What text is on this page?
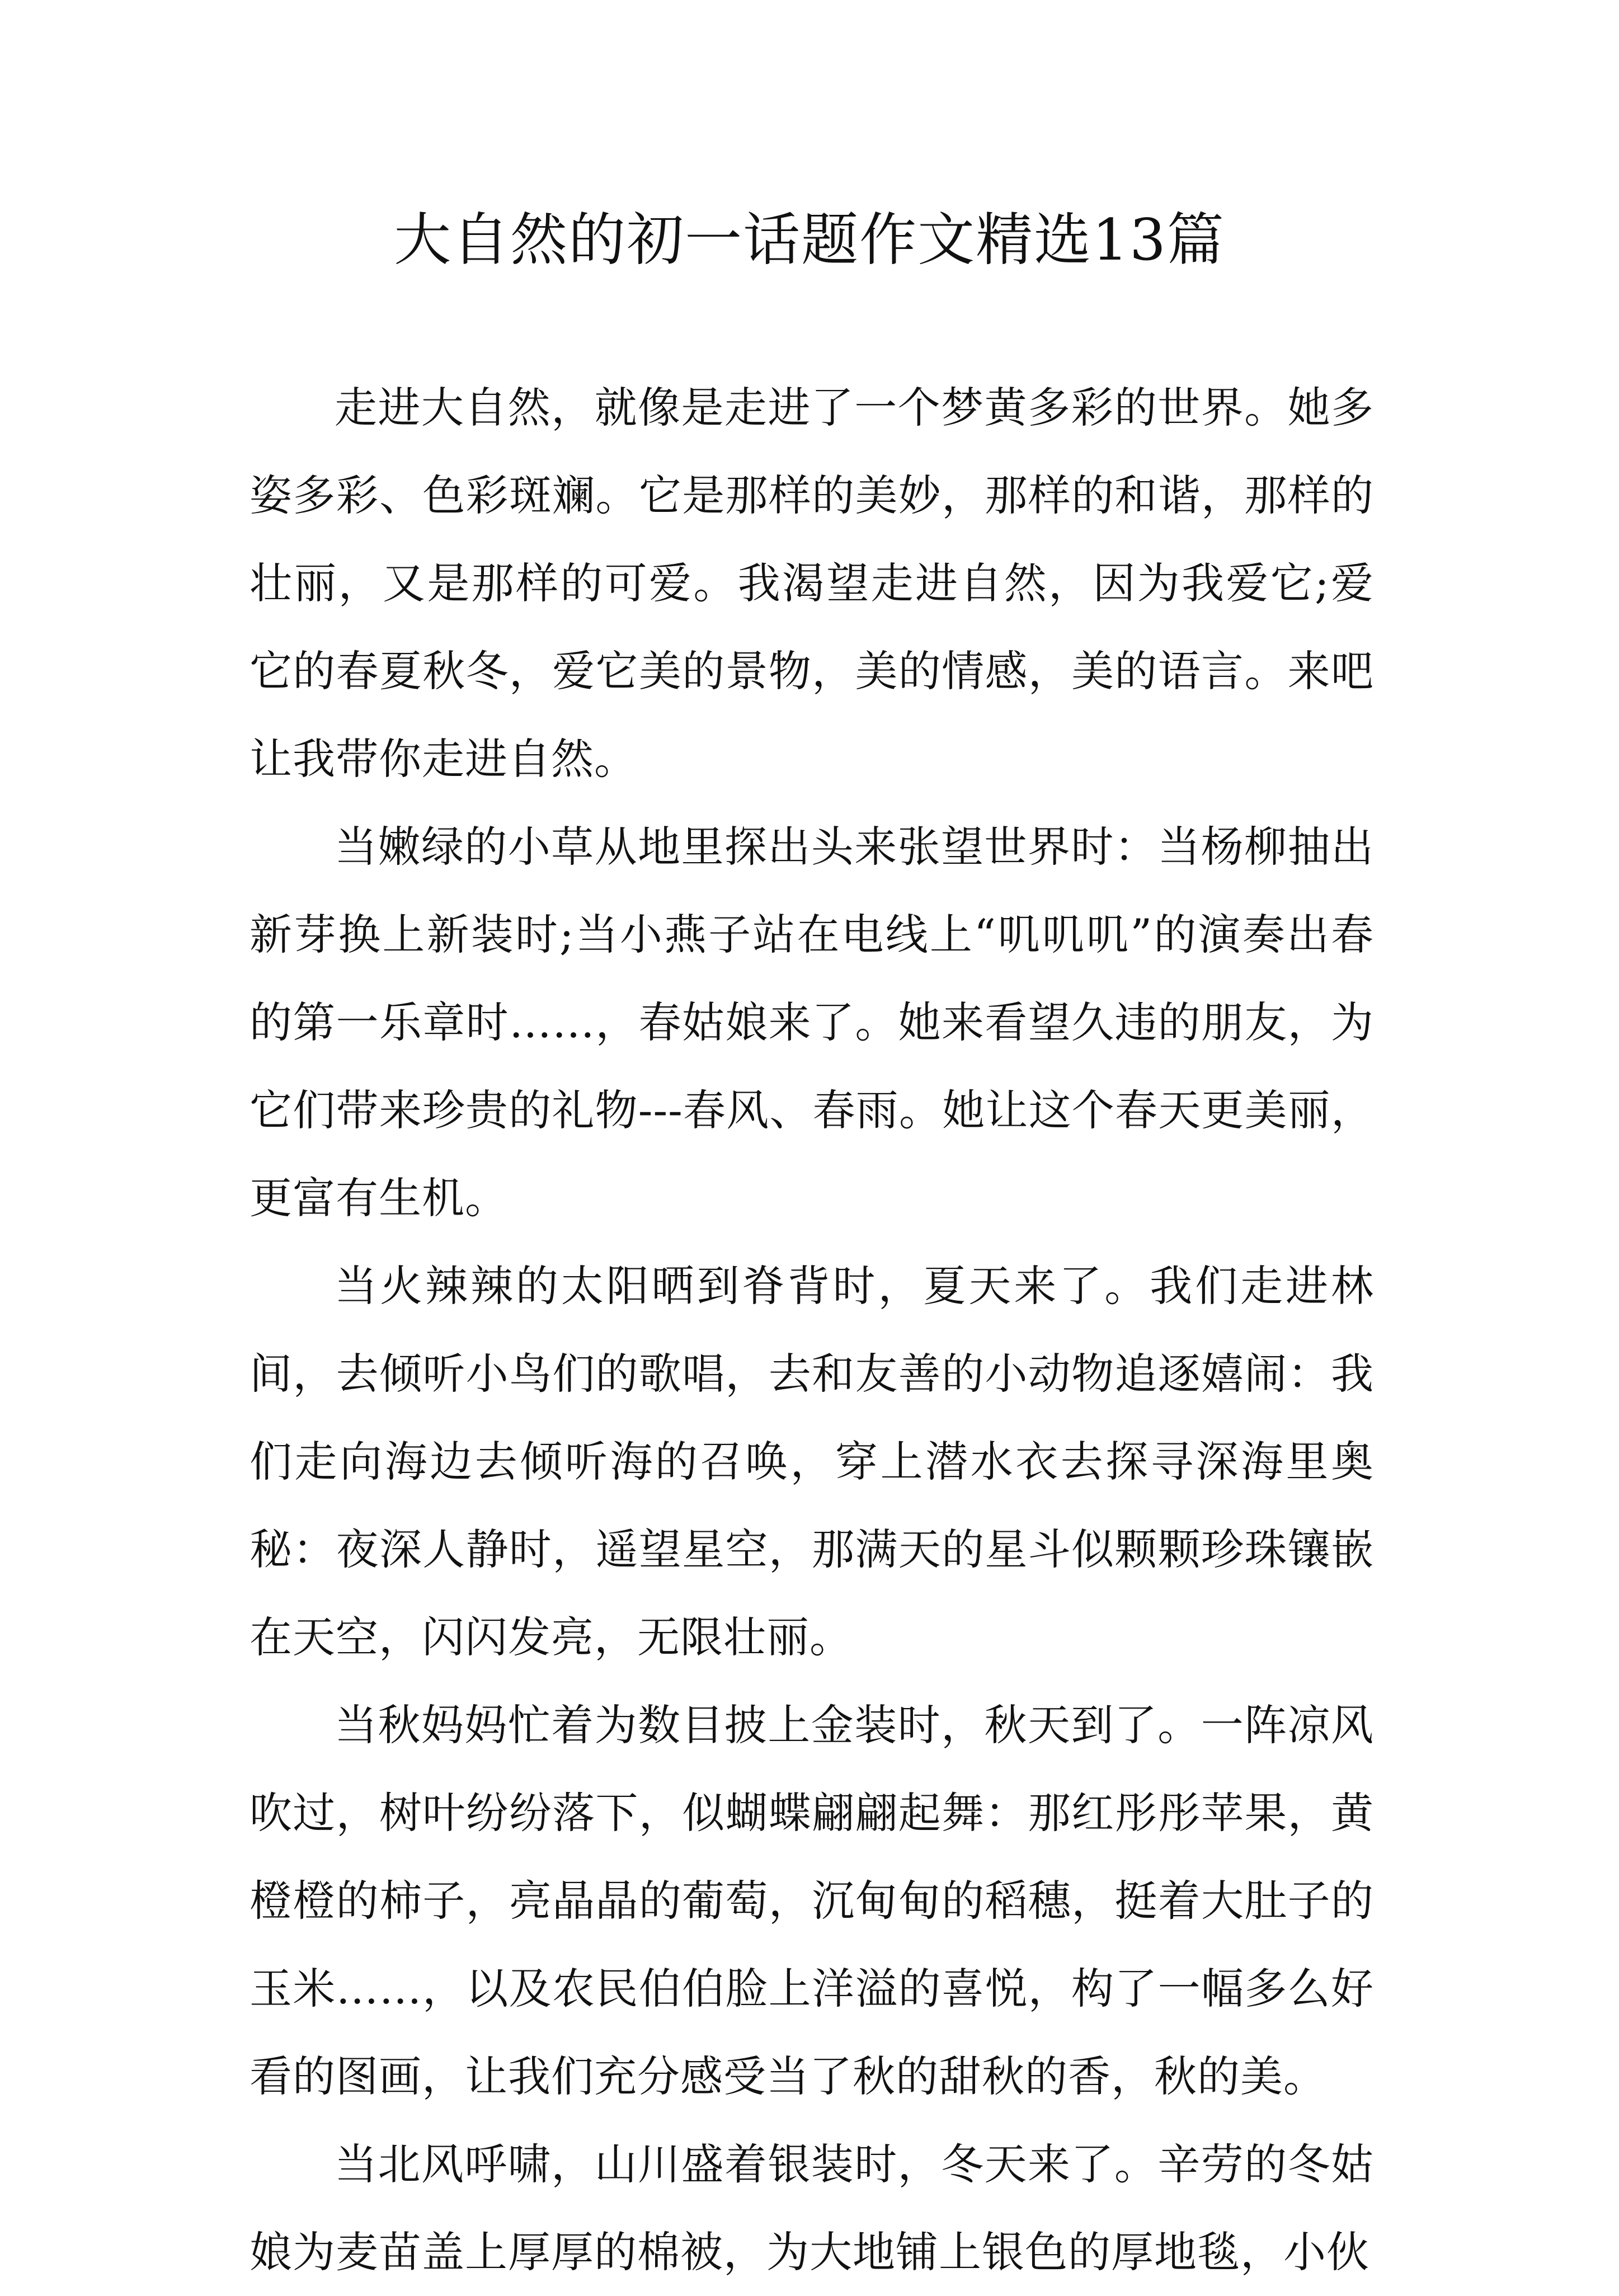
大自然的初一话题作文精选13篇

走进大自然，就像是走进了一个梦黄多彩的世界。她多姿多彩、色彩斑斓。它是那样的美妙，那样的和谐，那样的壮丽，又是那样的可爱。我渴望走进自然，因为我爱它;爱它的春夏秋冬，爱它美的景物，美的情感，美的语言。来吧让我带你走进自然。

当嫩绿的小草从地里探出头来张望世界时：当杨柳抽出新芽换上新装时;当小燕子站在电线上“叽叽叽”的演奏出春的第一乐章时……，春姑娘来了。她来看望久违的朋友，为它们带来珍贵的礼物---春风、春雨。她让这个春天更美丽，更富有生机。

当火辣辣的太阳晒到脊背时，夏天来了。我们走进林间，去倾听小鸟们的歌唱，去和友善的小动物追逐嬉闹：我们走向海边去倾听海的召唤，穿上潜水衣去探寻深海里奥秘：夜深人静时，遥望星空，那满天的星斗似颗颗珍珠镶嵌在天空，闪闪发亮，无限壮丽。

当秋妈妈忙着为数目披上金装时，秋天到了。一阵凉风吹过，树叶纷纷落下，似蝴蝶翩翩起舞：那红彤彤苹果，黄橙橙的柿子，亮晶晶的葡萄，沉甸甸的稻穗，挺着大肚子的玉米……，以及农民伯伯脸上洋溢的喜悦，构了一幅多么好看的图画，让我们充分感受当了秋的甜秋的香，秋的美。

当北风呼啸，山川盛着银装时，冬天来了。辛劳的冬姑娘为麦苗盖上厚厚的棉被，为大地铺上银色的厚地毯，小伙
